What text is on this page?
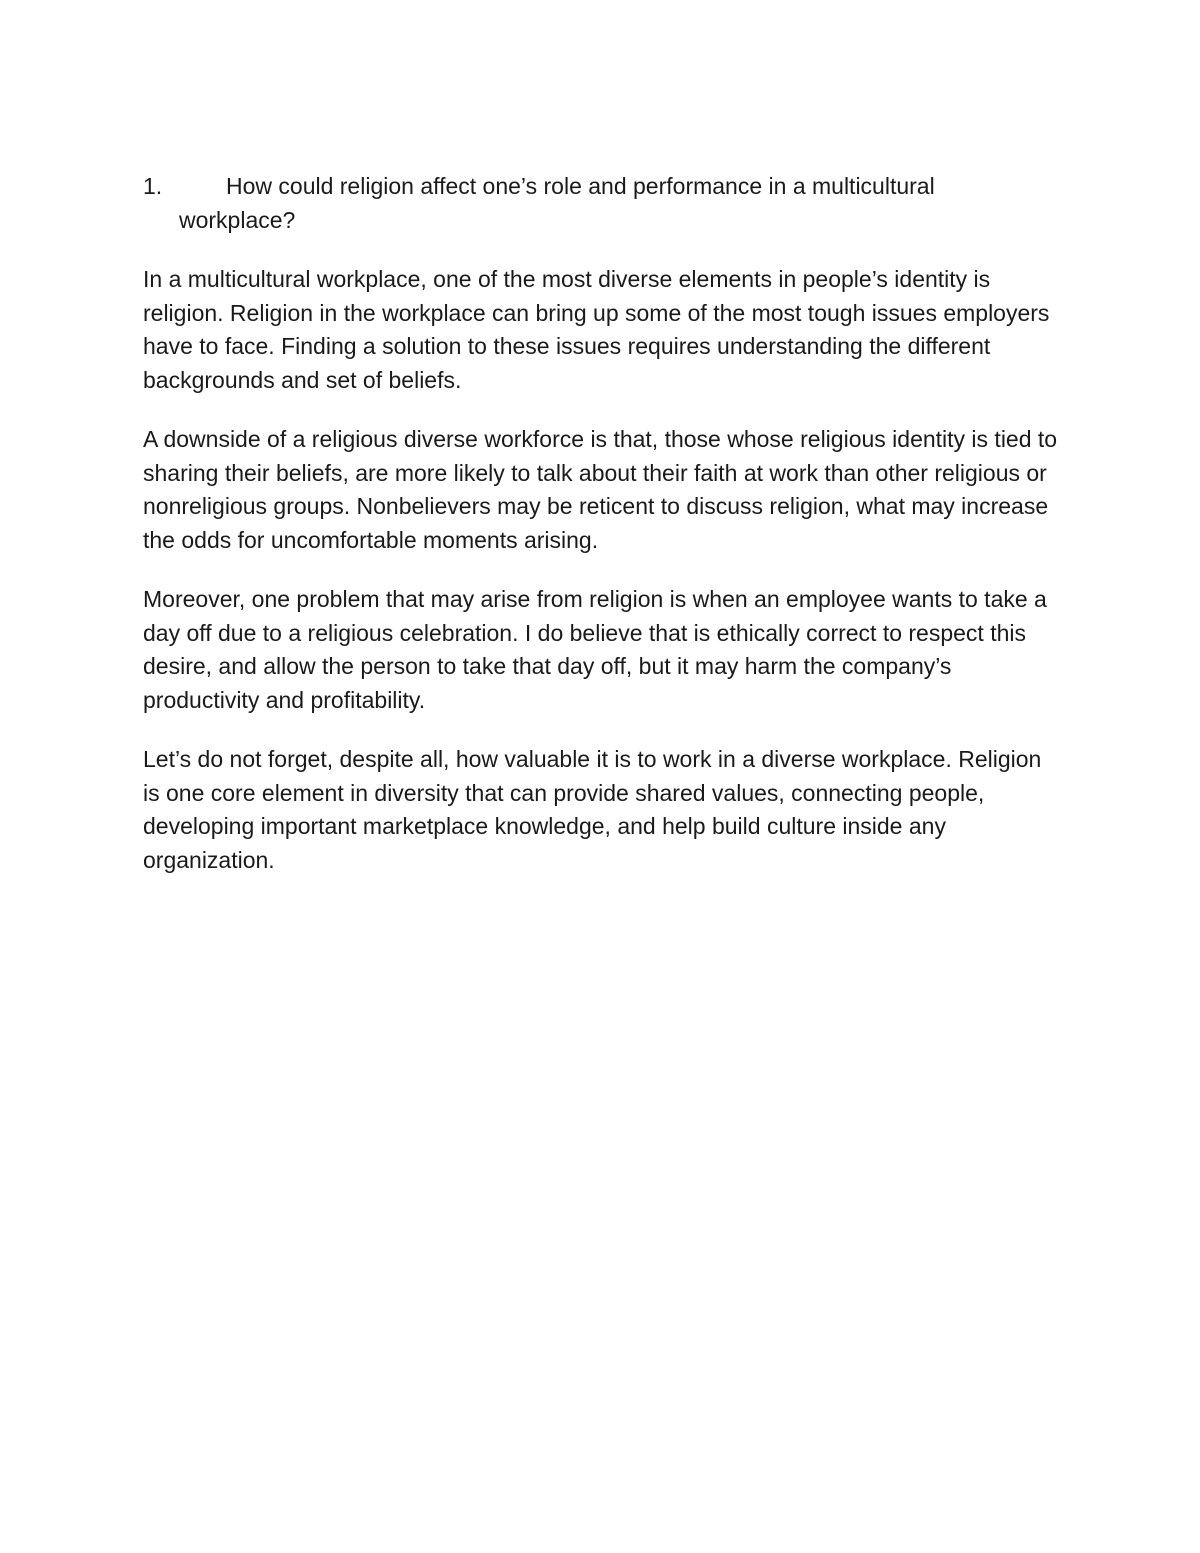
1.	How could religion affect one’s role and performance in a multicultural
workplace?

In a multicultural workplace, one of the most diverse elements in people’s identity is religion. Religion in the workplace can bring up some of the most tough issues employers have to face. Finding a solution to these issues requires understanding the different backgrounds and set of beliefs.

A downside of a religious diverse workforce is that, those whose religious identity is tied to sharing their beliefs, are more likely to talk about their faith at work than other religious or nonreligious groups. Nonbelievers may be reticent to discuss religion, what may increase the odds for uncomfortable moments arising.

Moreover, one problem that may arise from religion is when an employee wants to take a day off due to a religious celebration. I do believe that is ethically correct to respect this desire, and allow the person to take that day off, but it may harm the company’s productivity and profitability.

Let’s do not forget, despite all, how valuable it is to work in a diverse workplace. Religion is one core element in diversity that can provide shared values, connecting people, developing important marketplace knowledge, and help build culture inside any organization.
